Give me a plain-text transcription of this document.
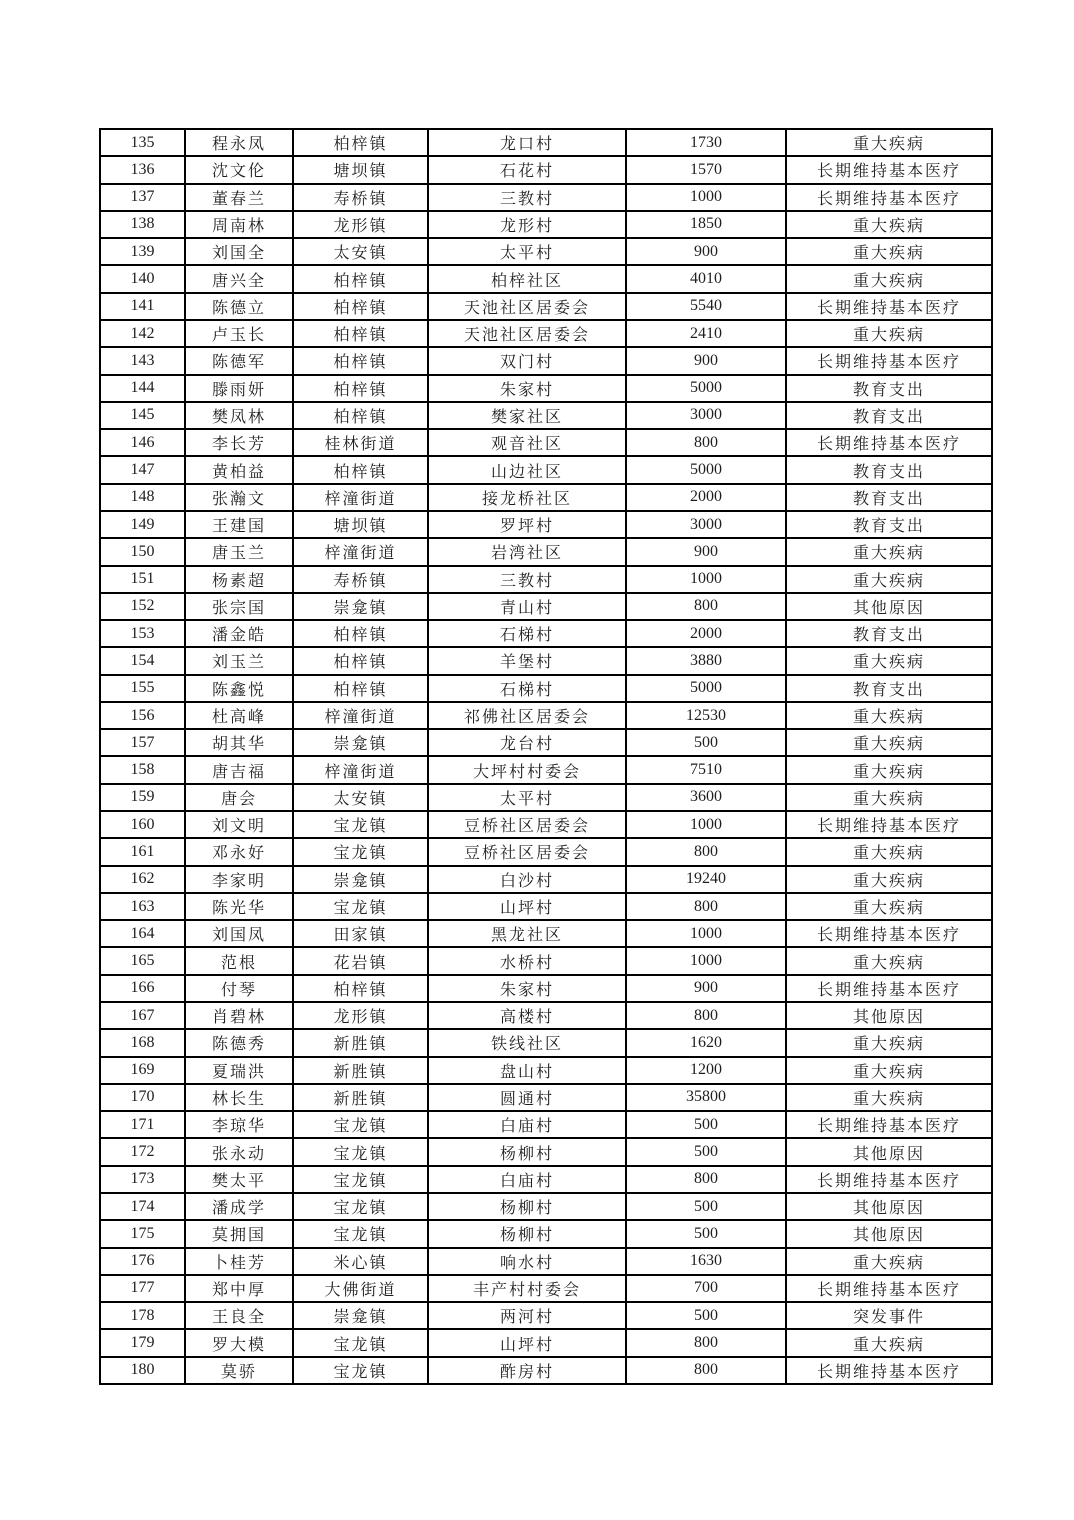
135	程永凤	柏梓镇	龙口村	1730	重大疾病
136	沈文伦	塘坝镇	石花村	1570	长期维持基本医疗
137	董春兰	寿桥镇	三教村	1000	长期维持基本医疗
138	周南林	龙形镇	龙形村	1850	重大疾病
139	刘国全	太安镇	太平村	900	重大疾病
140	唐兴全	柏梓镇	柏梓社区	4010	重大疾病
141	陈德立	柏梓镇	天池社区居委会	5540	长期维持基本医疗
142	卢玉长	柏梓镇	天池社区居委会	2410	重大疾病
143	陈德军	柏梓镇	双门村	900	长期维持基本医疗
144	滕雨妍	柏梓镇	朱家村	5000	教育支出
145	樊凤林	柏梓镇	樊家社区	3000	教育支出
146	李长芳	桂林街道	观音社区	800	长期维持基本医疗
147	黄柏益	柏梓镇	山边社区	5000	教育支出
148	张瀚文	梓潼街道	接龙桥社区	2000	教育支出
149	王建国	塘坝镇	罗坪村	3000	教育支出
150	唐玉兰	梓潼街道	岩湾社区	900	重大疾病
151	杨素超	寿桥镇	三教村	1000	重大疾病
152	张宗国	崇龛镇	青山村	800	其他原因
153	潘金皓	柏梓镇	石梯村	2000	教育支出
154	刘玉兰	柏梓镇	羊堡村	3880	重大疾病
155	陈鑫悦	柏梓镇	石梯村	5000	教育支出
156	杜高峰	梓潼街道	祁佛社区居委会	12530	重大疾病
157	胡其华	崇龛镇	龙台村	500	重大疾病
158	唐吉福	梓潼街道	大坪村村委会	7510	重大疾病
159	唐会	太安镇	太平村	3600	重大疾病
160	刘文明	宝龙镇	豆桥社区居委会	1000	长期维持基本医疗
161	邓永好	宝龙镇	豆桥社区居委会	800	重大疾病
162	李家明	崇龛镇	白沙村	19240	重大疾病
163	陈光华	宝龙镇	山坪村	800	重大疾病
164	刘国凤	田家镇	黑龙社区	1000	长期维持基本医疗
165	范根	花岩镇	水桥村	1000	重大疾病
166	付琴	柏梓镇	朱家村	900	长期维持基本医疗
167	肖碧林	龙形镇	高楼村	800	其他原因
168	陈德秀	新胜镇	铁线社区	1620	重大疾病
169	夏瑞洪	新胜镇	盘山村	1200	重大疾病
170	林长生	新胜镇	圆通村	35800	重大疾病
171	李琼华	宝龙镇	白庙村	500	长期维持基本医疗
172	张永动	宝龙镇	杨柳村	500	其他原因
173	樊太平	宝龙镇	白庙村	800	长期维持基本医疗
174	潘成学	宝龙镇	杨柳村	500	其他原因
175	莫拥国	宝龙镇	杨柳村	500	其他原因
176	卜桂芳	米心镇	响水村	1630	重大疾病
177	郑中厚	大佛街道	丰产村村委会	700	长期维持基本医疗
178	王良全	崇龛镇	两河村	500	突发事件
179	罗大模	宝龙镇	山坪村	800	重大疾病
180	莫骄	宝龙镇	酢房村	800	长期维持基本医疗
